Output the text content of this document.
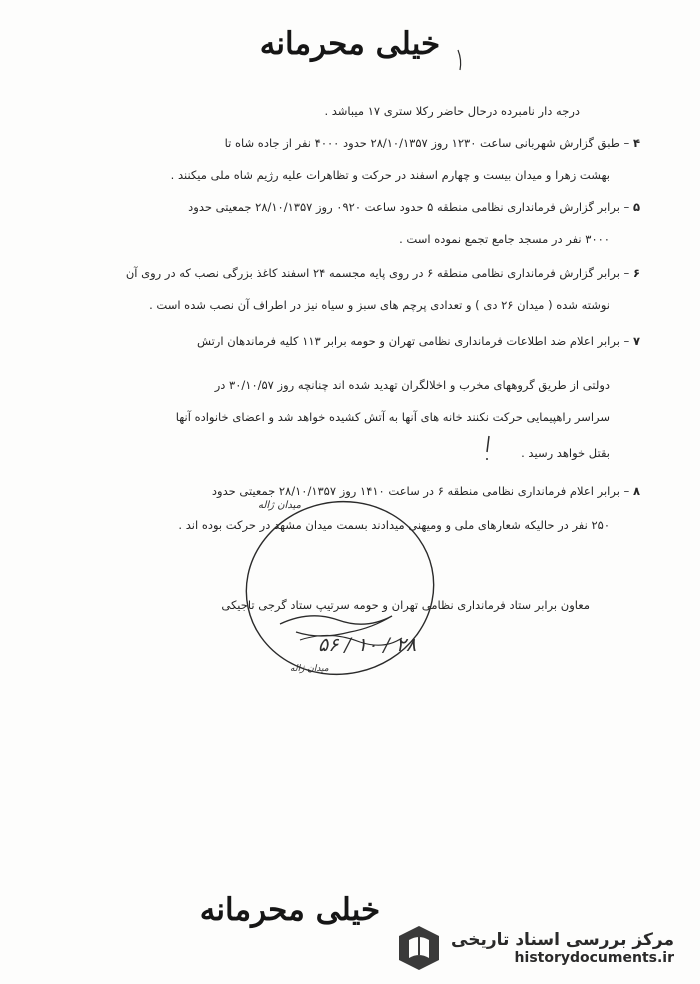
خیلی محرمانه
درجه دار نامبرده درحال حاضر رکلا ستری ۱۷ میباشد .
۴ – طبق گزارش شهربانی ساعت ۱۲۳۰ روز ۲۸/۱۰/۱۳۵۷ حدود ۴۰۰۰ نفر از جاده شاه تا
بهشت زهرا و میدان بیست و چهارم اسفند در حرکت و تظاهرات علیه رژیم شاه ملی میکنند .
۵ – برابر گزارش فرمانداری نظامی منطقه ۵ حدود ساعت ۰۹۲۰ روز ۲۸/۱۰/۱۳۵۷ جمعیتی حدود
۳۰۰۰ نفر در مسجد جامع تجمع نموده است .
۶ – برابر گزارش فرمانداری نظامی منطقه ۶ در روی پایه مجسمه ۲۴ اسفند کاغذ بزرگی نصب که در روی آن
نوشته شده ( میدان ۲۶ دی ) و تعدادی پرچم های سبز و سیاه نیز در اطراف آن نصب شده است .
۷ – برابر اعلام ضد اطلاعات فرمانداری نظامی تهران و حومه برابر ۱۱۳ کلیه فرماندهان ارتش
دولتی از طریق گروههای مخرب و اخلالگران تهدید شده اند چنانچه روز ۳۰/۱۰/۵۷ در
سراسر راهپیمایی حرکت نکنند خانه های آنها به آتش کشیده خواهد شد و اعضای خانواده آنها
بقتل خواهد رسید .
۸ – برابر اعلام فرمانداری نظامی منطقه ۶ در ساعت ۱۴۱۰ روز ۲۸/۱۰/۱۳۵۷ جمعیتی حدود
۲۵۰ نفر در حالیکه شعارهای ملی و ومیهنی میدادند بسمت میدان مشهد در حرکت بوده اند .
معاون برابر ستاد فرمانداری نظامی تهران و حومه سرتیپ ستاد گرجی تاجیکی
میدان ژاله
۲۸ / ۱۰ / ۵۶
میدان ژاله
خیلی محرمانه
مرکز بررسی اسناد تاریخی
historydocuments.ir
